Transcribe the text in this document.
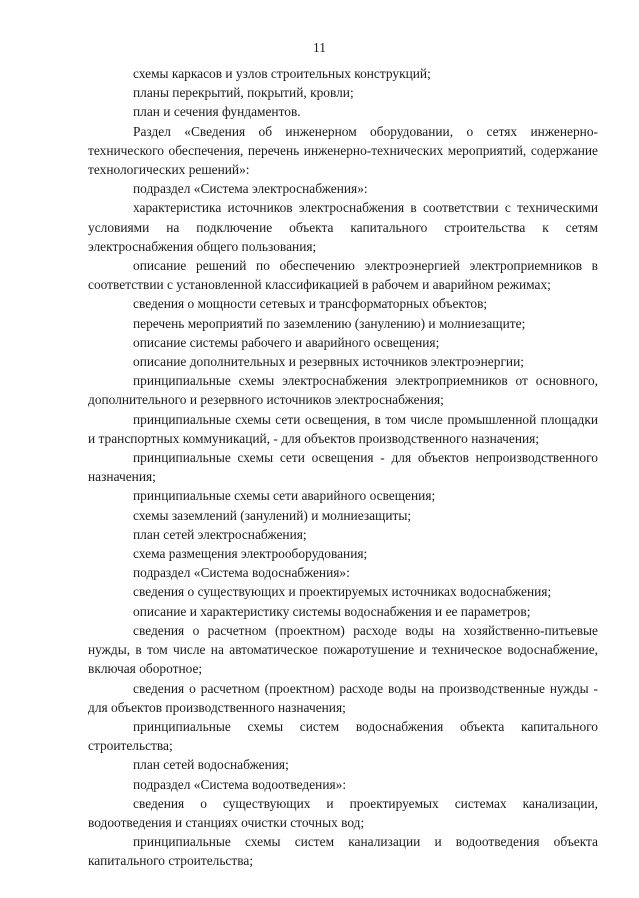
11

схемы каркасов и узлов строительных конструкций;

планы перекрытий, покрытий, кровли;

план и сечения фундаментов.

Раздел «Сведения об инженерном оборудовании, о сетях инженерно-технического обеспечения, перечень инженерно-технических мероприятий, содержание технологических решений»:

подраздел «Система электроснабжения»:

характеристика источников электроснабжения в соответствии с техническими условиями на подключение объекта капитального строительства к сетям электроснабжения общего пользования;

описание решений по обеспечению электроэнергией электроприемников в соответствии с установленной классификацией в рабочем и аварийном режимах;

сведения о мощности сетевых и трансформаторных объектов;

перечень мероприятий по заземлению (занулению) и молниезащите;

описание системы рабочего и аварийного освещения;

описание дополнительных и резервных источников электроэнергии;

принципиальные схемы электроснабжения электроприемников от основного, дополнительного и резервного источников электроснабжения;

принципиальные схемы сети освещения, в том числе промышленной площадки и транспортных коммуникаций, - для объектов производственного назначения;

принципиальные схемы сети освещения - для объектов непроизводственного назначения;

принципиальные схемы сети аварийного освещения;

схемы заземлений (занулений) и молниезащиты;

план сетей электроснабжения;

схема размещения электрооборудования;

подраздел «Система водоснабжения»:

сведения о существующих и проектируемых источниках водоснабжения;

описание и характеристику системы водоснабжения и ее параметров;

сведения о расчетном (проектном) расходе воды на хозяйственно-питьевые нужды, в том числе на автоматическое пожаротушение и техническое водоснабжение, включая оборотное;

сведения о расчетном (проектном) расходе воды на производственные нужды - для объектов производственного назначения;

принципиальные схемы систем водоснабжения объекта капитального строительства;

план сетей водоснабжения;

подраздел «Система водоотведения»:

сведения о существующих и проектируемых системах канализации, водоотведения и станциях очистки сточных вод;

принципиальные схемы систем канализации и водоотведения объекта капитального строительства;
